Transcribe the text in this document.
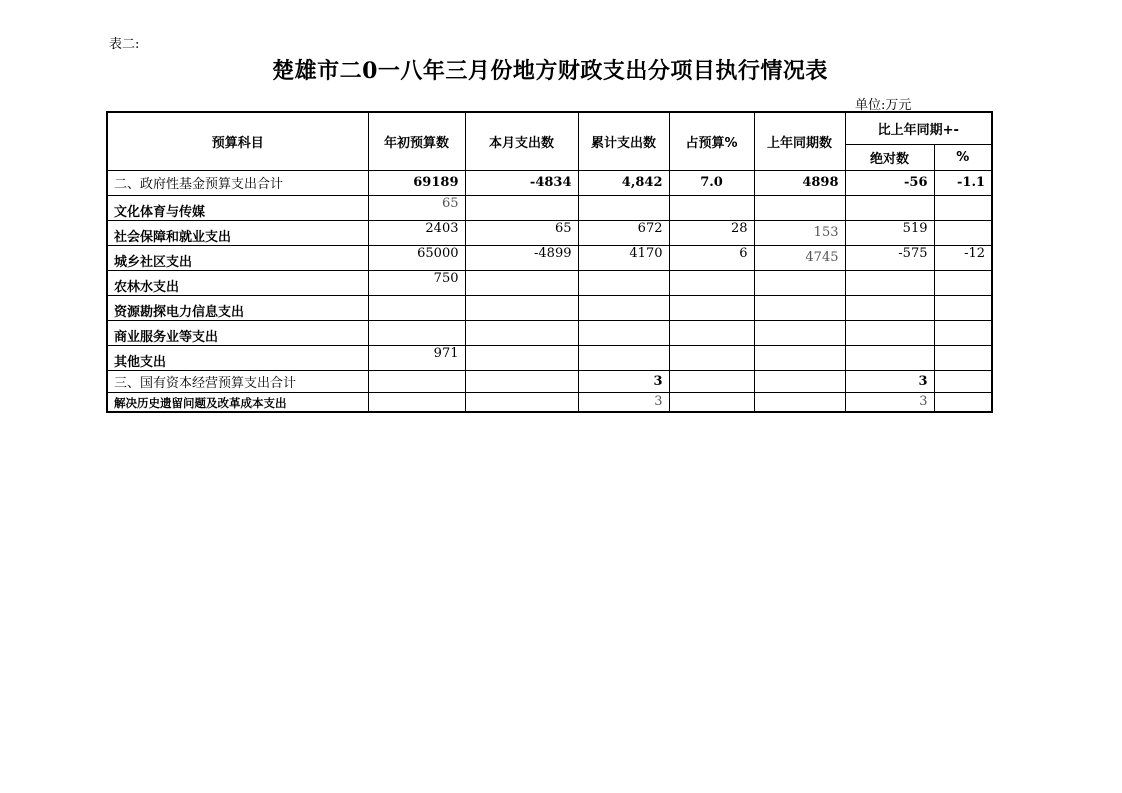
表二:
楚雄市二0一八年三月份地方财政支出分项目执行情况表
单位:万元
预算科目	年初预算数	本月支出数	累计支出数	占预算%	上年同期数	比上年同期+-	
						绝对数	%
二、政府性基金预算支出合计	69189	-4834	4,842	7.0	4898	-56	-1.1
文化体育与传媒	65						
社会保障和就业支出	2403	65	672	28	153	519	
城乡社区支出	65000	-4899	4170	6	4745	-575	-12
农林水支出	750						
资源勘探电力信息支出							
商业服务业等支出							
其他支出	971						
三、国有资本经营预算支出合计			3			3	
解决历史遗留问题及改革成本支出			3			3	
